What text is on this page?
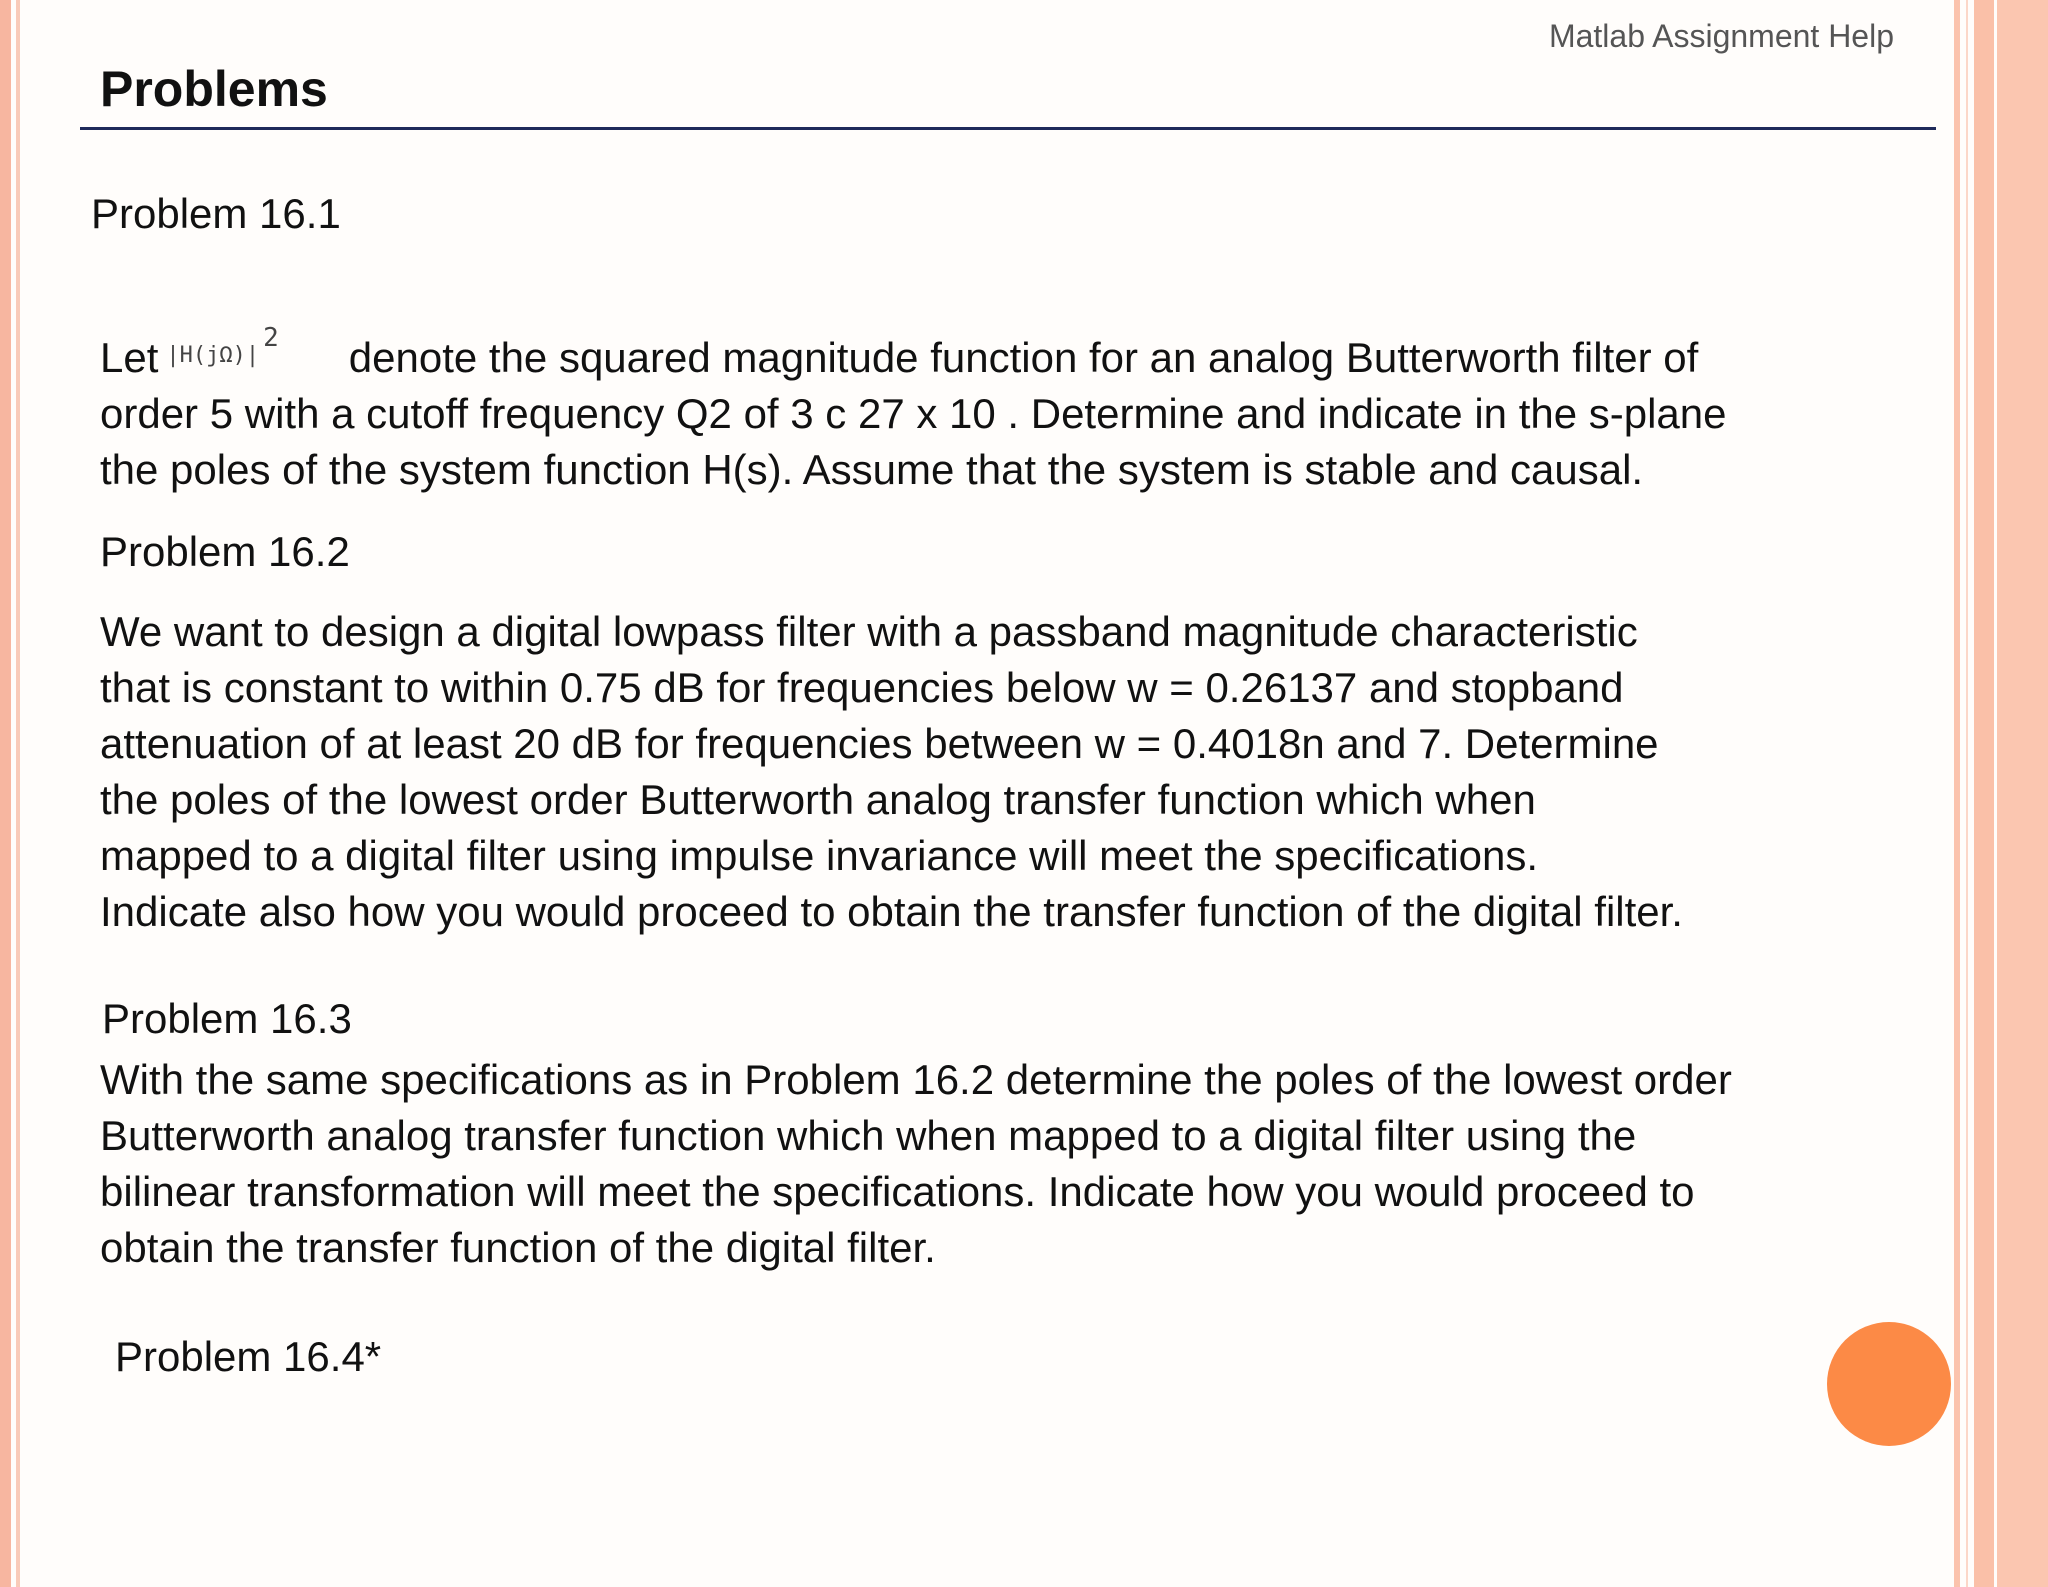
Matlab Assignment Help
Problems
Problem 16.1
Let $^{|H(j\Omega)|^2}$ denote the squared magnitude function for an analog Butterworth filter of
order 5 with a cutoff frequency Q2 of 3 c 27 x 10 . Determine and indicate in the s-plane
the poles of the system function H(s). Assume that the system is stable and causal.
Problem 16.2
We want to design a digital lowpass filter with a passband magnitude characteristic
that is constant to within 0.75 dB for frequencies below w = 0.26137 and stopband
attenuation of at least 20 dB for frequencies between w = 0.4018n and 7. Determine
the poles of the lowest order Butterworth analog transfer function which when
mapped to a digital filter using impulse invariance will meet the specifications.
Indicate also how you would proceed to obtain the transfer function of the digital filter.
Problem 16.3
With the same specifications as in Problem 16.2 determine the poles of the lowest order
Butterworth analog transfer function which when mapped to a digital filter using the
bilinear transformation will meet the specifications. Indicate how you would proceed to
obtain the transfer function of the digital filter.
Problem 16.4*
